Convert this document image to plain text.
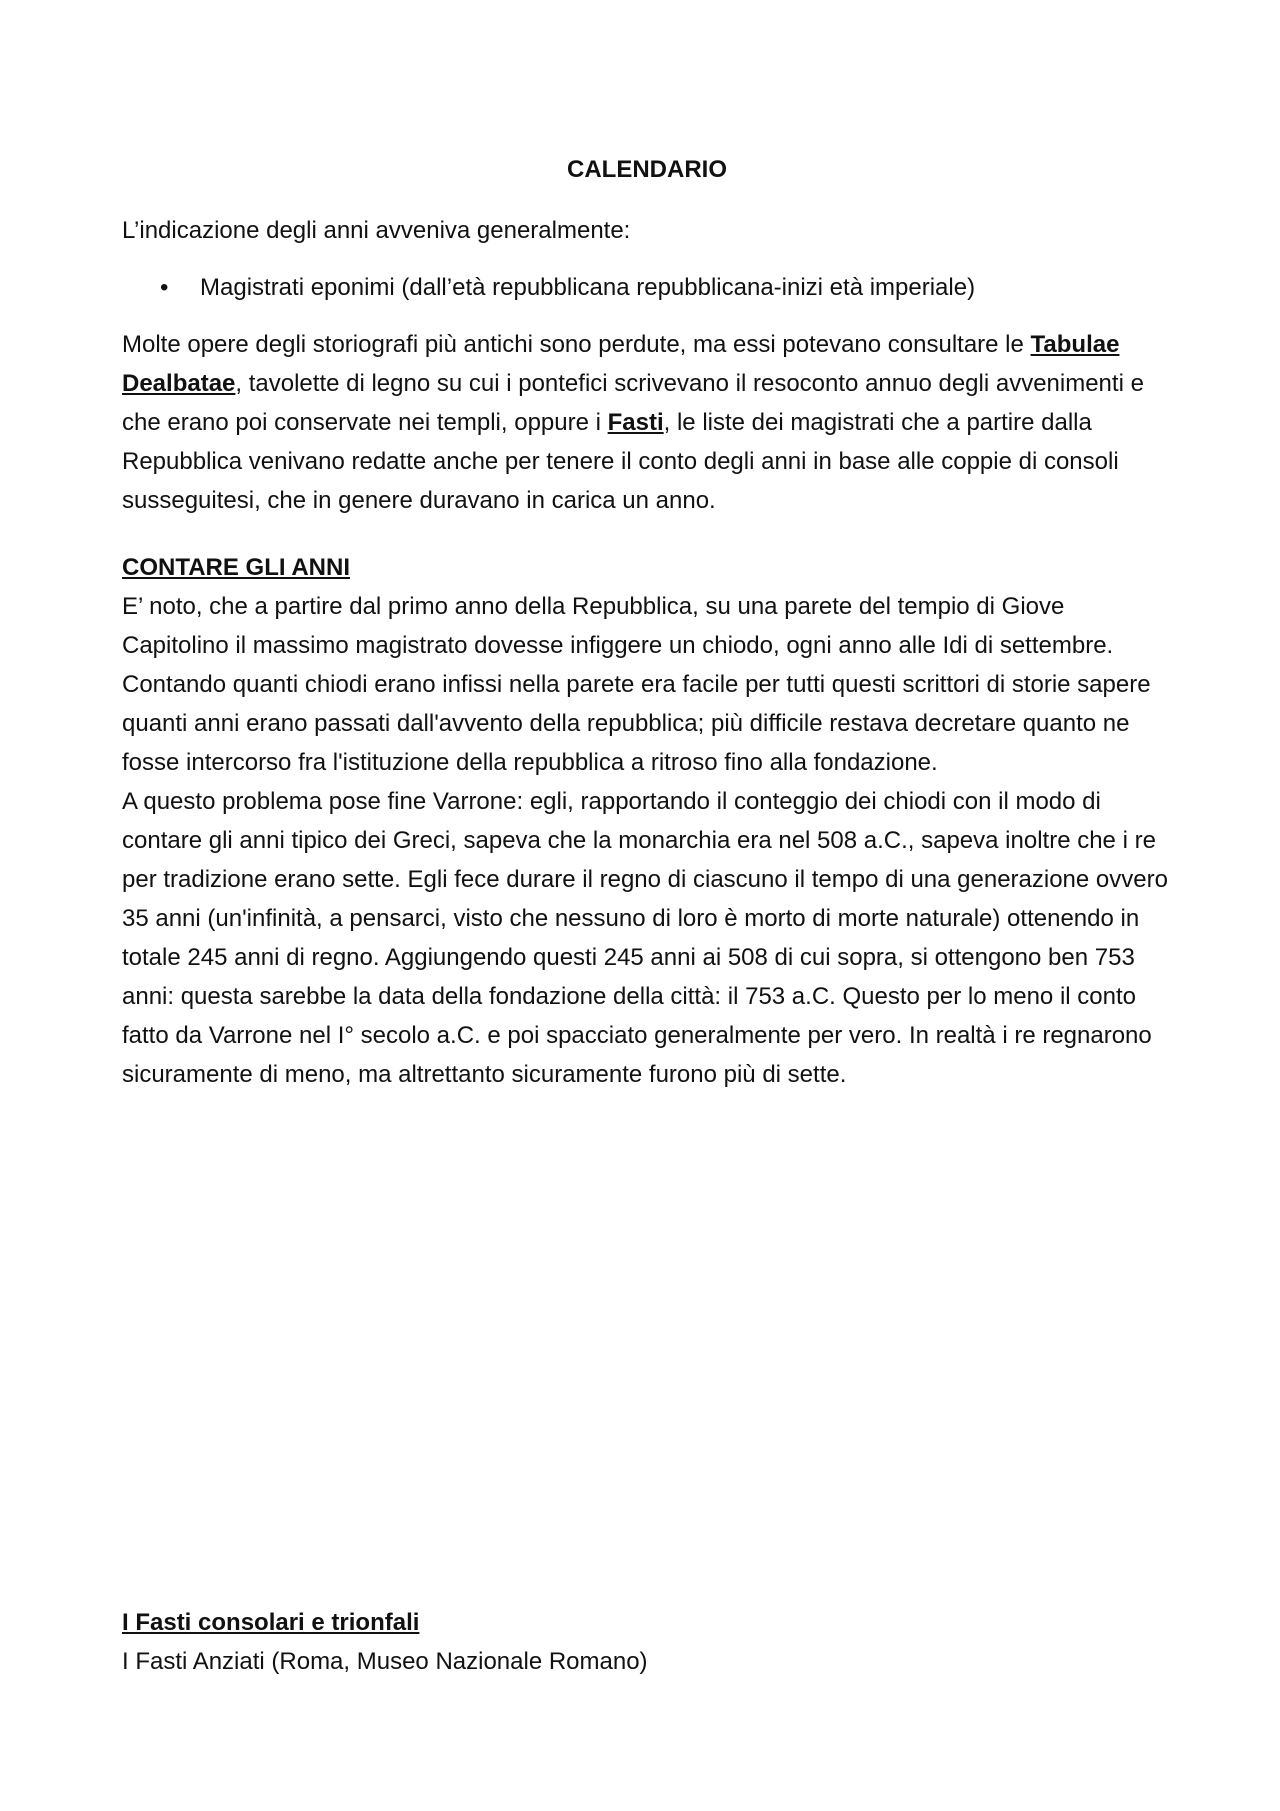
CALENDARIO

L’indicazione degli anni avveniva generalmente:

• Magistrati eponimi (dall’età repubblicana repubblicana-inizi età imperiale)

Molte opere degli storiografi più antichi sono perdute, ma essi potevano consultare le Tabulae Dealbatae, tavolette di legno su cui i pontefici scrivevano il resoconto annuo degli avvenimenti e che erano poi conservate nei templi, oppure i Fasti, le liste dei magistrati che a partire dalla Repubblica venivano redatte anche per tenere il conto degli anni in base alle coppie di consoli susseguitesi, che in genere duravano in carica un anno.

CONTARE GLI ANNI

E’ noto, che a partire dal primo anno della Repubblica, su una parete del tempio di Giove Capitolino il massimo magistrato dovesse infiggere un chiodo, ogni anno alle Idi di settembre. Contando quanti chiodi erano infissi nella parete era facile per tutti questi scrittori di storie sapere quanti anni erano passati dall'avvento della repubblica; più difficile restava decretare quanto ne fosse intercorso fra l'istituzione della repubblica a ritroso fino alla fondazione.

A questo problema pose fine Varrone: egli, rapportando il conteggio dei chiodi con il modo di contare gli anni tipico dei Greci, sapeva che la monarchia era nel 508 a.C., sapeva inoltre che i re per tradizione erano sette. Egli fece durare il regno di ciascuno il tempo di una generazione ovvero 35 anni (un'infinità, a pensarci, visto che nessuno di loro è morto di morte naturale) ottenendo in totale 245 anni di regno. Aggiungendo questi 245 anni ai 508 di cui sopra, si ottengono ben 753 anni: questa sarebbe la data della fondazione della città: il 753 a.C. Questo per lo meno il conto fatto da Varrone nel I° secolo a.C. e poi spacciato generalmente per vero. In realtà i re regnarono sicuramente di meno, ma altrettanto sicuramente furono più di sette.

I Fasti consolari e trionfali

I Fasti Anziati (Roma, Museo Nazionale Romano)
